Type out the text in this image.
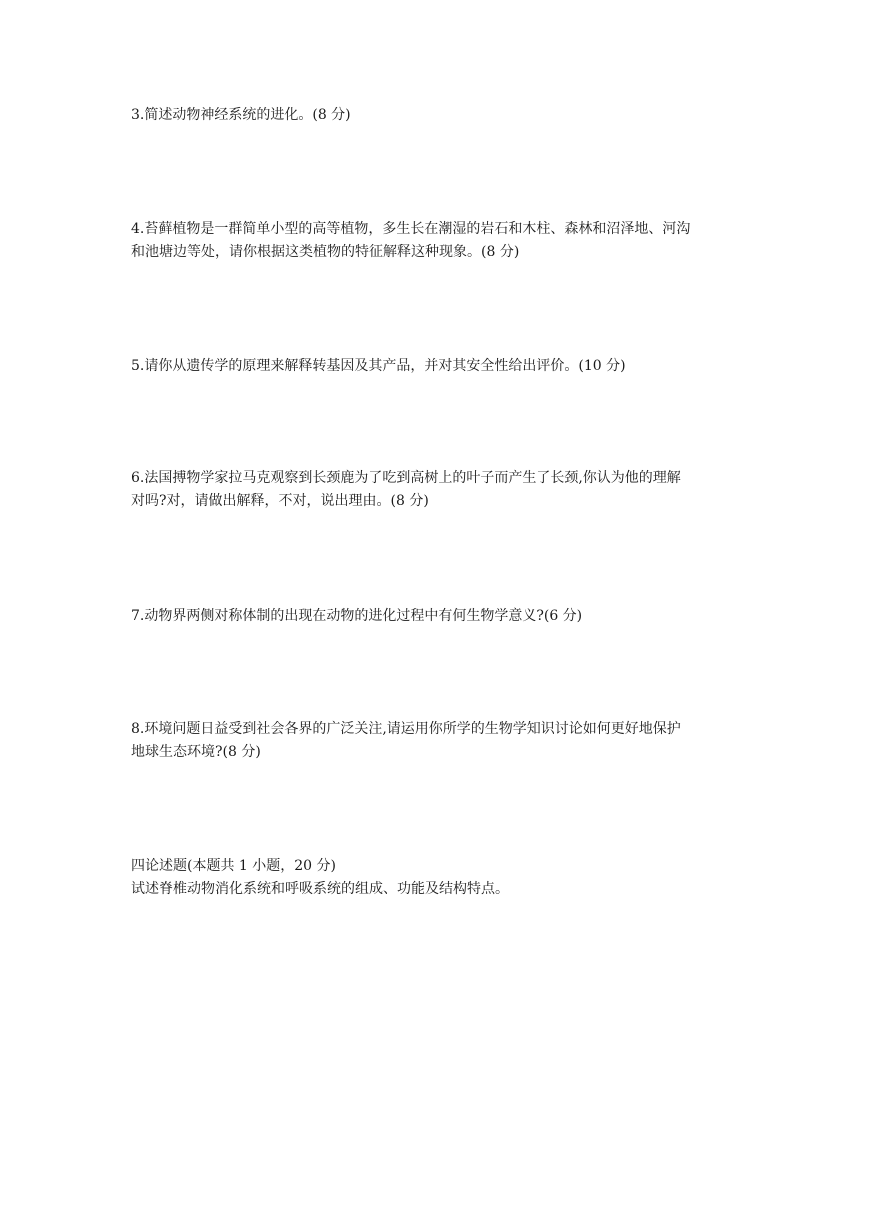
3.简述动物神经系统的进化。(8 分)

4.苔藓植物是一群简单小型的高等植物，多生长在潮湿的岩石和木柱、森林和沼泽地、河沟
和池塘边等处，请你根据这类植物的特征解释这种现象。(8 分)

5.请你从遗传学的原理来解释转基因及其产品，并对其安全性给出评价。(10 分)

6.法国搏物学家拉马克观察到长颈鹿为了吃到高树上的叶子而产生了长颈,你认为他的理解
对吗?对，请做出解释，不对，说出理由。(8 分)

7.动物界两侧对称体制的出现在动物的进化过程中有何生物学意义?(6 分)

8.环境问题日益受到社会各界的广泛关注,请运用你所学的生物学知识讨论如何更好地保护
地球生态环境?(8 分)

四论述题(本题共 1 小题，20 分)
试述脊椎动物消化系统和呼吸系统的组成、功能及结构特点。
